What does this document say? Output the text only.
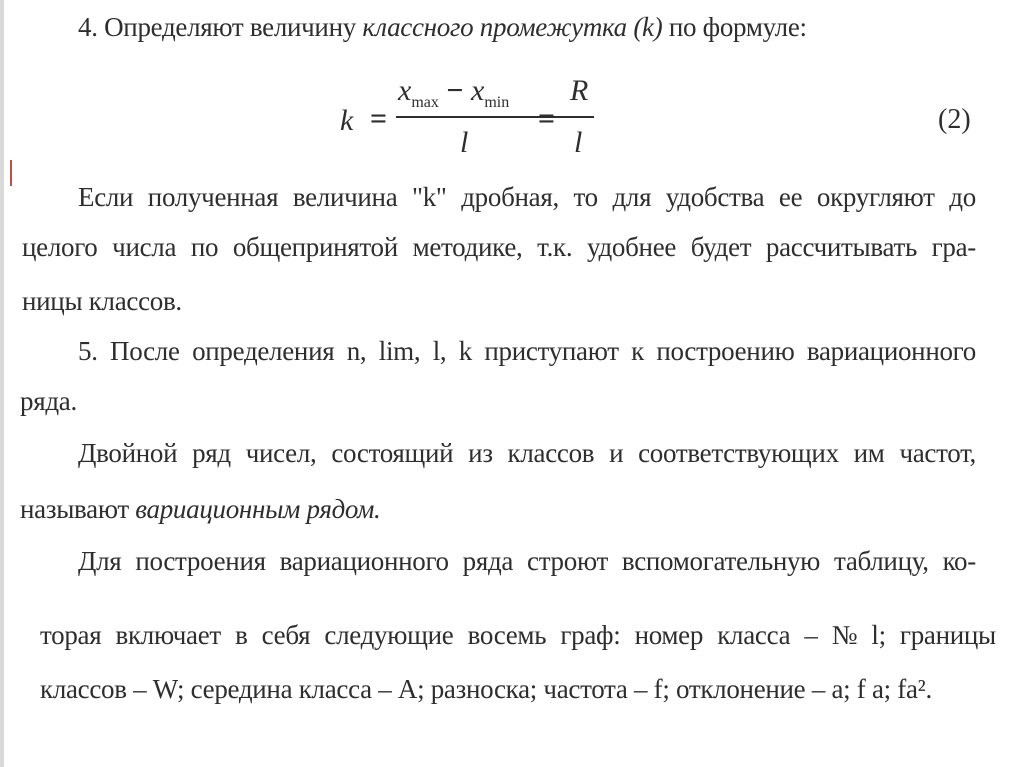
4. Определяют величину классного промежутка (k) по формуле:
k =
$x_{max} - x_{min}$
l
=
R
l
(2)
Если полученная величина "k" дробная, то для удобства ее округляют до
целого числа по общепринятой методике, т.к. удобнее будет рассчитывать гра-
ницы классов.
5. После определения n, lim, l, k приступают к построению вариационного
ряда.
Двойной ряд чисел, состоящий из классов и соответствующих им частот,
называют вариационным рядом.
Для построения вариационного ряда строют вспомогательную таблицу, ко-
торая включает в себя следующие восемь граф: номер класса – № l; границы
классов – W; середина класса – А; разноска; частота – f; отклонение – а; f а; fа².
